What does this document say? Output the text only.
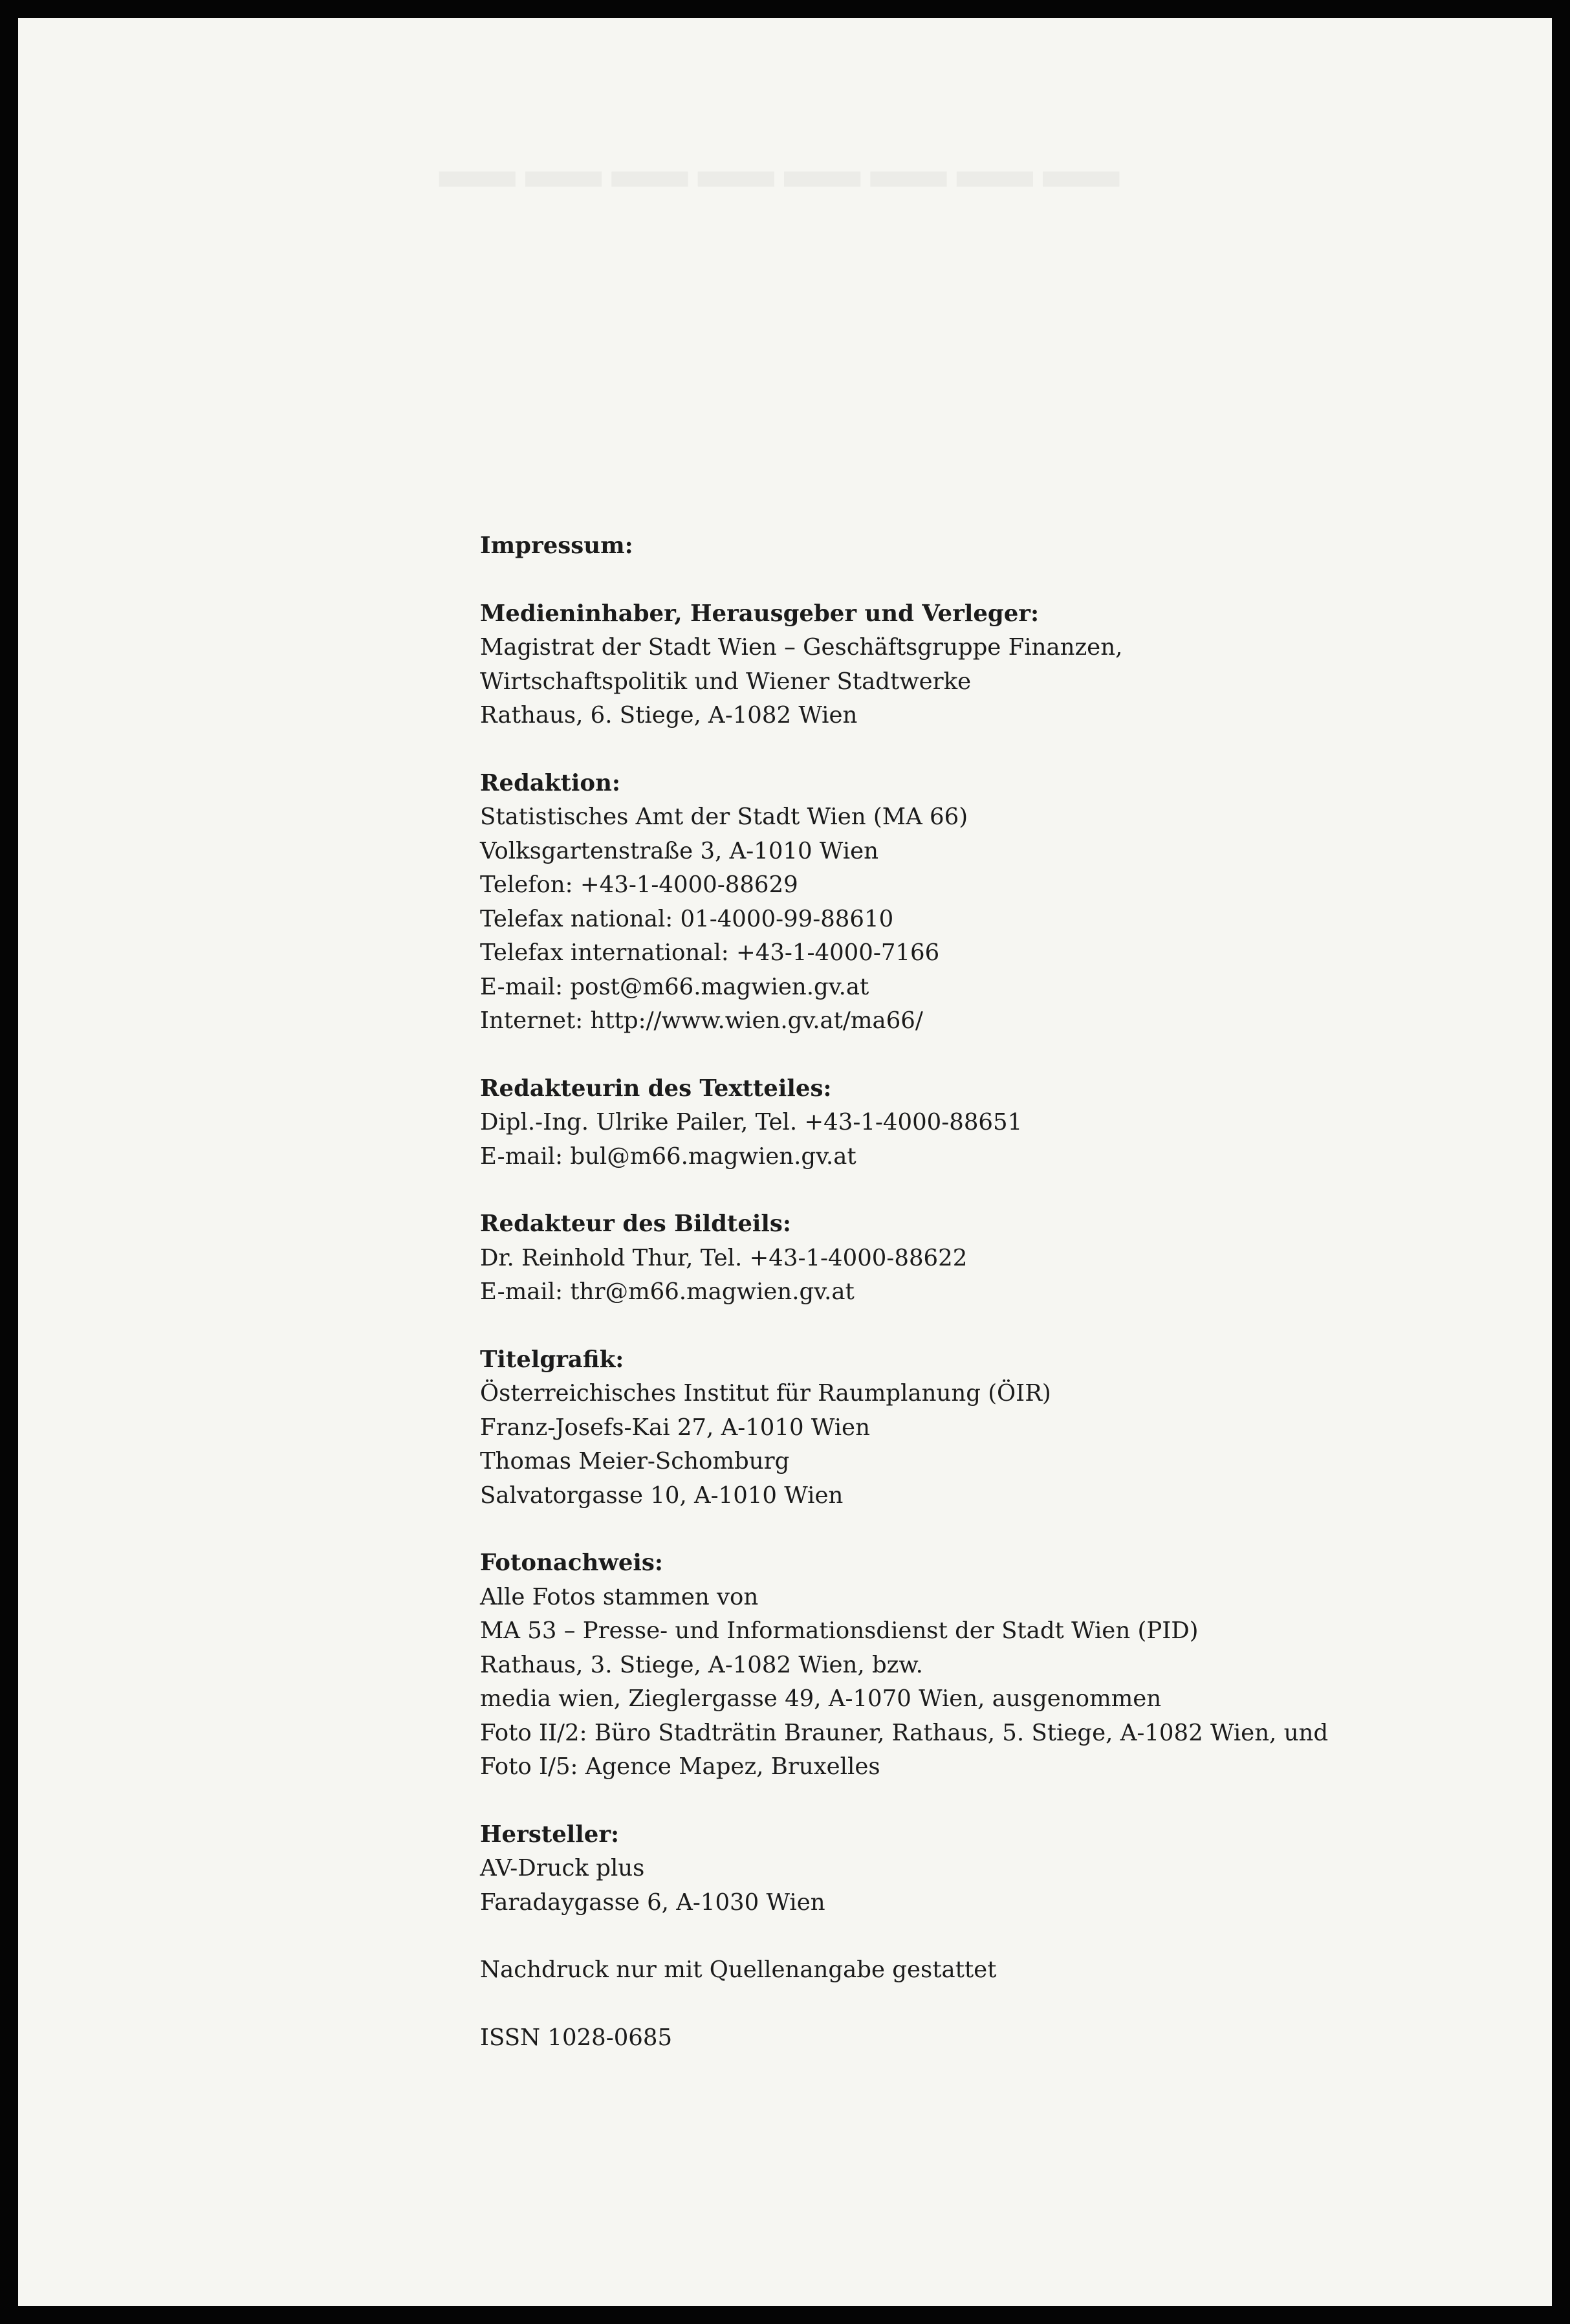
▔▔▔▔▔▔▔▔
Impressum:
Medieninhaber, Herausgeber und Verleger:
Magistrat der Stadt Wien – Geschäftsgruppe Finanzen,
Wirtschaftspolitik und Wiener Stadtwerke
Rathaus, 6. Stiege, A-1082 Wien
Redaktion:
Statistisches Amt der Stadt Wien (MA 66)
Volksgartenstraße 3, A-1010 Wien
Telefon: +43-1-4000-88629
Telefax national: 01-4000-99-88610
Telefax international: +43-1-4000-7166
E-mail: post@m66.magwien.gv.at
Internet: http://www.wien.gv.at/ma66/
Redakteurin des Textteiles:
Dipl.-Ing. Ulrike Pailer, Tel. +43-1-4000-88651
E-mail: bul@m66.magwien.gv.at
Redakteur des Bildteils:
Dr. Reinhold Thur, Tel. +43-1-4000-88622
E-mail: thr@m66.magwien.gv.at
Titelgrafik:
Österreichisches Institut für Raumplanung (ÖIR)
Franz-Josefs-Kai 27, A-1010 Wien
Thomas Meier-Schomburg
Salvatorgasse 10, A-1010 Wien
Fotonachweis:
Alle Fotos stammen von
MA 53 – Presse- und Informationsdienst der Stadt Wien (PID)
Rathaus, 3. Stiege, A-1082 Wien, bzw.
media wien, Zieglergasse 49, A-1070 Wien, ausgenommen
Foto II/2: Büro Stadträtin Brauner, Rathaus, 5. Stiege, A-1082 Wien, und
Foto I/5: Agence Mapez, Bruxelles
Hersteller:
AV-Druck plus
Faradaygasse 6, A-1030 Wien
Nachdruck nur mit Quellenangabe gestattet
ISSN 1028-0685
